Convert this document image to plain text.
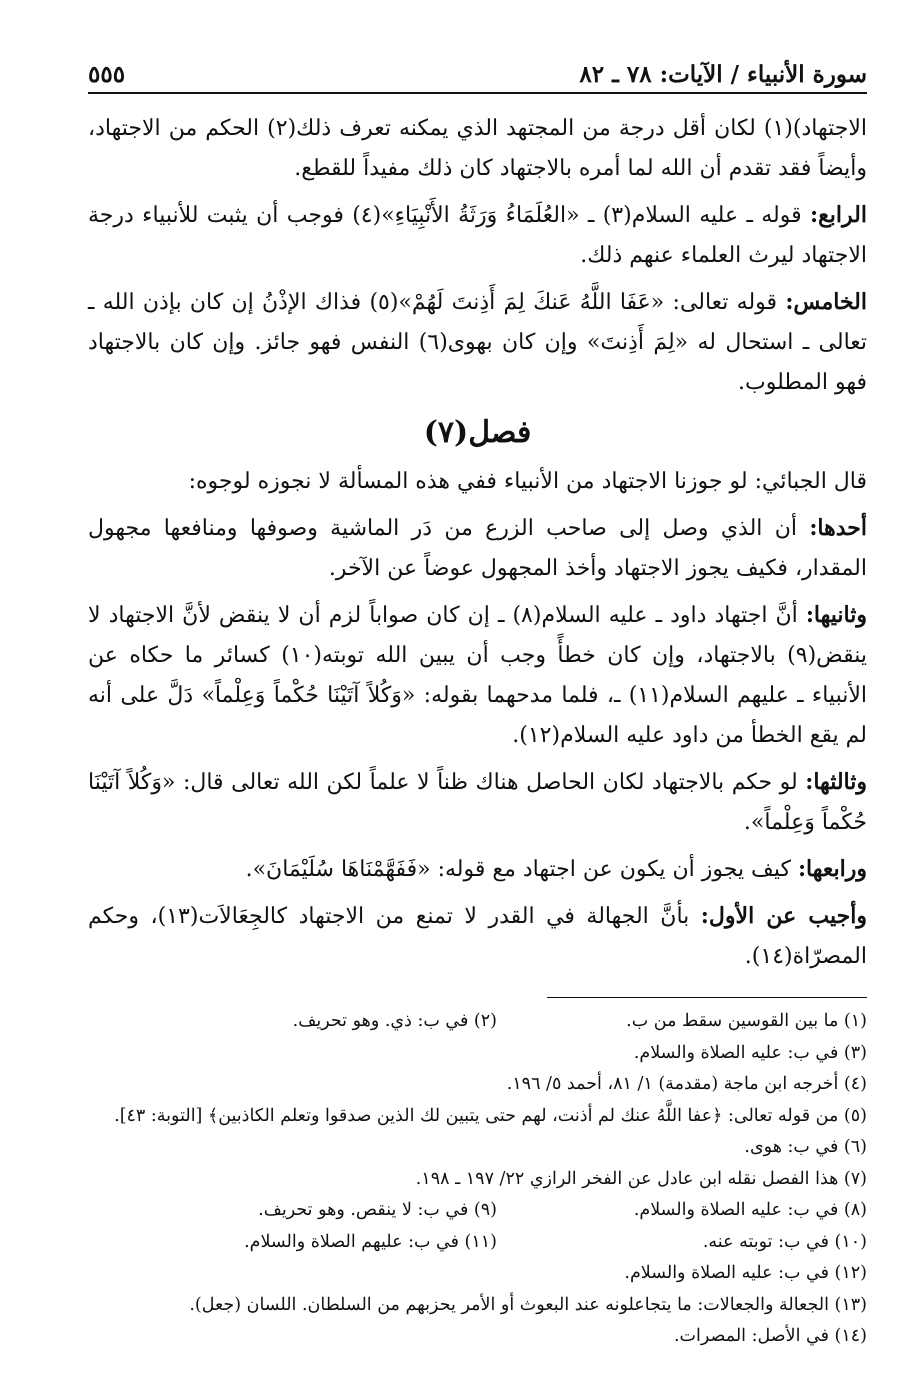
سورة الأنبياء / الآيات: ٧٨ ـ ٨٢
٥٥٥

الاجتهاد)(١) لكان أقل درجة من المجتهد الذي يمكنه تعرف ذلك(٢) الحكم من الاجتهاد، وأيضاً فقد تقدم أن الله لما أمره بالاجتهاد كان ذلك مفيداً للقطع.

الرابع: قوله ـ عليه السلام(٣) ـ «العُلَمَاءُ وَرَثَةُ الأَنْبِيَاءِ»(٤) فوجب أن يثبت للأنبياء درجة الاجتهاد ليرث العلماء عنهم ذلك.

الخامس: قوله تعالى: «عَفَا اللَّهُ عَنكَ لِمَ أَذِنتَ لَهُمْ»(٥) فذاك الإذْنُ إن كان بإذن الله ـ تعالى ـ استحال له «لِمَ أَذِنتَ» وإن كان بهوى(٦) النفس فهو جائز. وإن كان بالاجتهاد فهو المطلوب.

فصل(٧)

قال الجبائي: لو جوزنا الاجتهاد من الأنبياء ففي هذه المسألة لا نجوزه لوجوه:

أحدها: أن الذي وصل إلى صاحب الزرع من دَر الماشية وصوفها ومنافعها مجهول المقدار، فكيف يجوز الاجتهاد وأخذ المجهول عوضاً عن الآخر.

وثانيها: أنَّ اجتهاد داود ـ عليه السلام(٨) ـ إن كان صواباً لزم أن لا ينقض لأنَّ الاجتهاد لا ينقض(٩) بالاجتهاد، وإن كان خطأً وجب أن يبين الله توبته(١٠) كسائر ما حكاه عن الأنبياء ـ عليهم السلام(١١) ـ، فلما مدحهما بقوله: «وَكُلاً آتَيْنَا حُكْماً وَعِلْماً» دَلَّ على أنه لم يقع الخطأ من داود عليه السلام(١٢).

وثالثها: لو حكم بالاجتهاد لكان الحاصل هناك ظناً لا علماً لكن الله تعالى قال: «وَكُلاً آتَيْنَا حُكْماً وَعِلْماً».

ورابعها: كيف يجوز أن يكون عن اجتهاد مع قوله: «فَفَهَّمْنَاهَا سُلَيْمَانَ».

وأجيب عن الأول: بأنَّ الجهالة في القدر لا تمنع من الاجتهاد كالجِعَالاَت(١٣)، وحكم المصرّاة(١٤).

(١) ما بين القوسين سقط من ب.
(٢) في ب: ذي. وهو تحريف.
(٣) في ب: عليه الصلاة والسلام.
(٤) أخرجه ابن ماجة (مقدمة) ١/ ٨١، أحمد ٥/ ١٩٦.
(٥) من قوله تعالى: ﴿عفا اللَّهُ عنك لم أذنت، لهم حتى يتبين لك الذين صدقوا وتعلم الكاذبين﴾ [التوبة: ٤٣].
(٦) في ب: هوى.
(٧) هذا الفصل نقله ابن عادل عن الفخر الرازي ٢٢/ ١٩٧ ـ ١٩٨.
(٨) في ب: عليه الصلاة والسلام.
(٩) في ب: لا ينقص. وهو تحريف.
(١٠) في ب: توبته عنه.
(١١) في ب: عليهم الصلاة والسلام.
(١٢) في ب: عليه الصلاة والسلام.
(١٣) الجعالة والجعالات: ما يتجاعلونه عند البعوث أو الأمر يحزبهم من السلطان. اللسان (جعل).
(١٤) في الأصل: المصرات.
